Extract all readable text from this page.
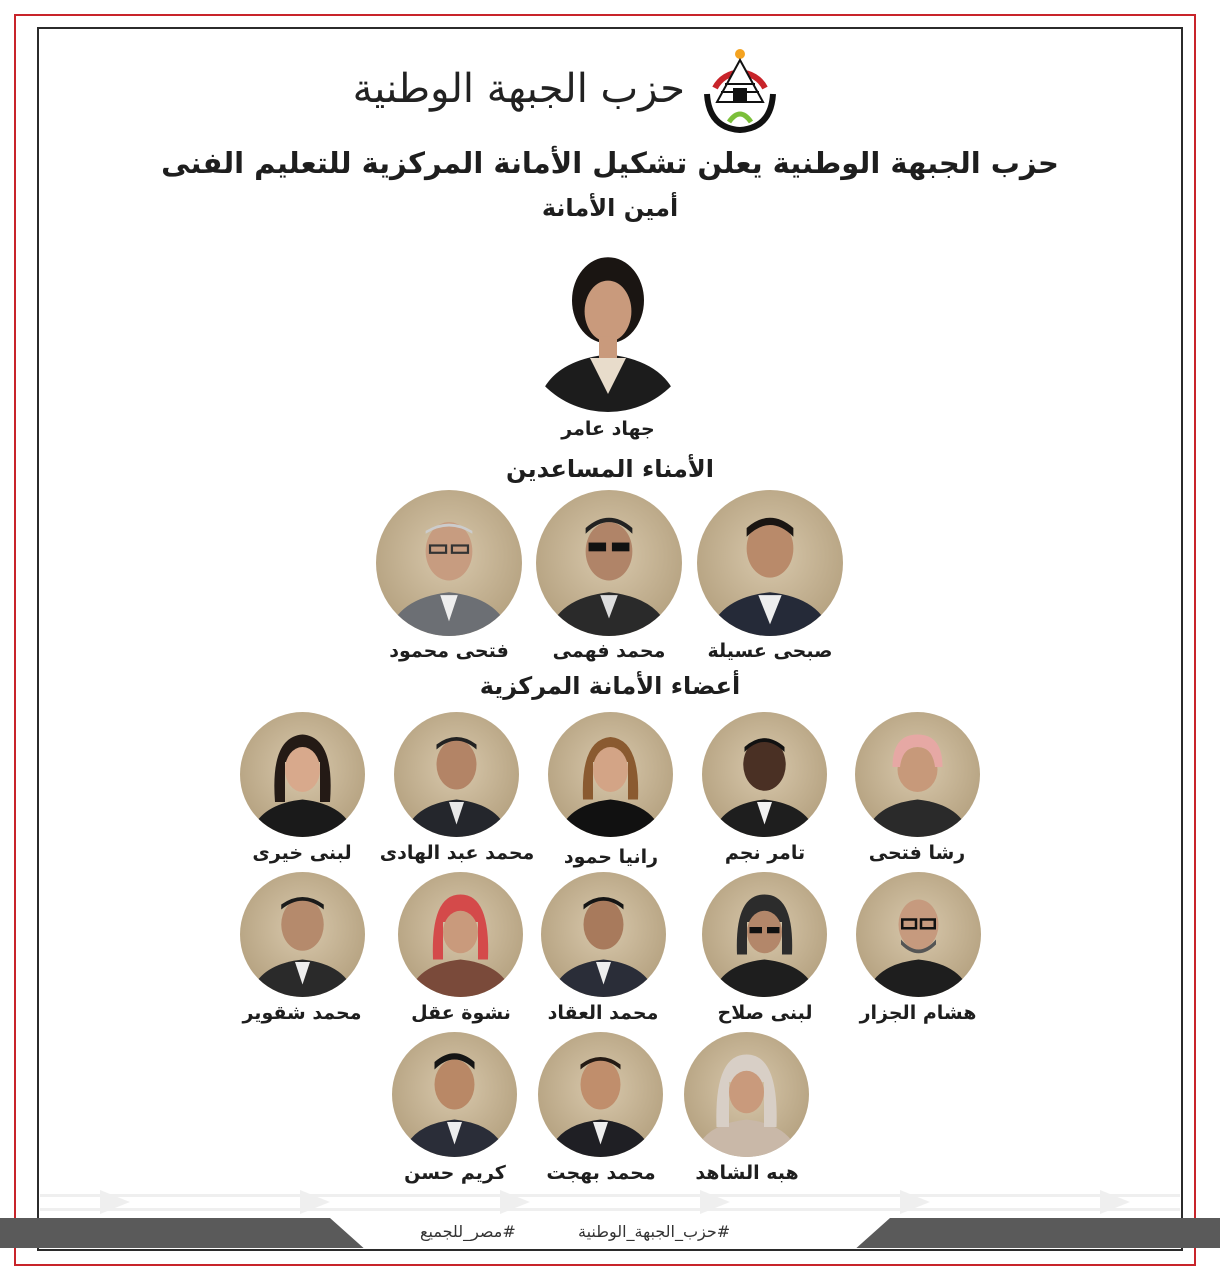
حزب الجبهة الوطنية
حزب الجبهة الوطنية يعلن تشكيل الأمانة المركزية للتعليم الفنى
أمين الأمانة
جهاد عامر
الأمناء المساعدين
صبحى عسيلة
محمد فهمى
فتحى محمود
أعضاء الأمانة المركزية
رشا فتحى
تامر نجم
رانيا حمود
محمد عبد الهادى
لبنى خيرى
هشام الجزار
لبنى صلاح
محمد العقاد
نشوة عقل
محمد شقوير
هبه الشاهد
محمد بهجت
كريم حسن
#حزب_الجبهة_الوطنية
#مصر_للجميع
